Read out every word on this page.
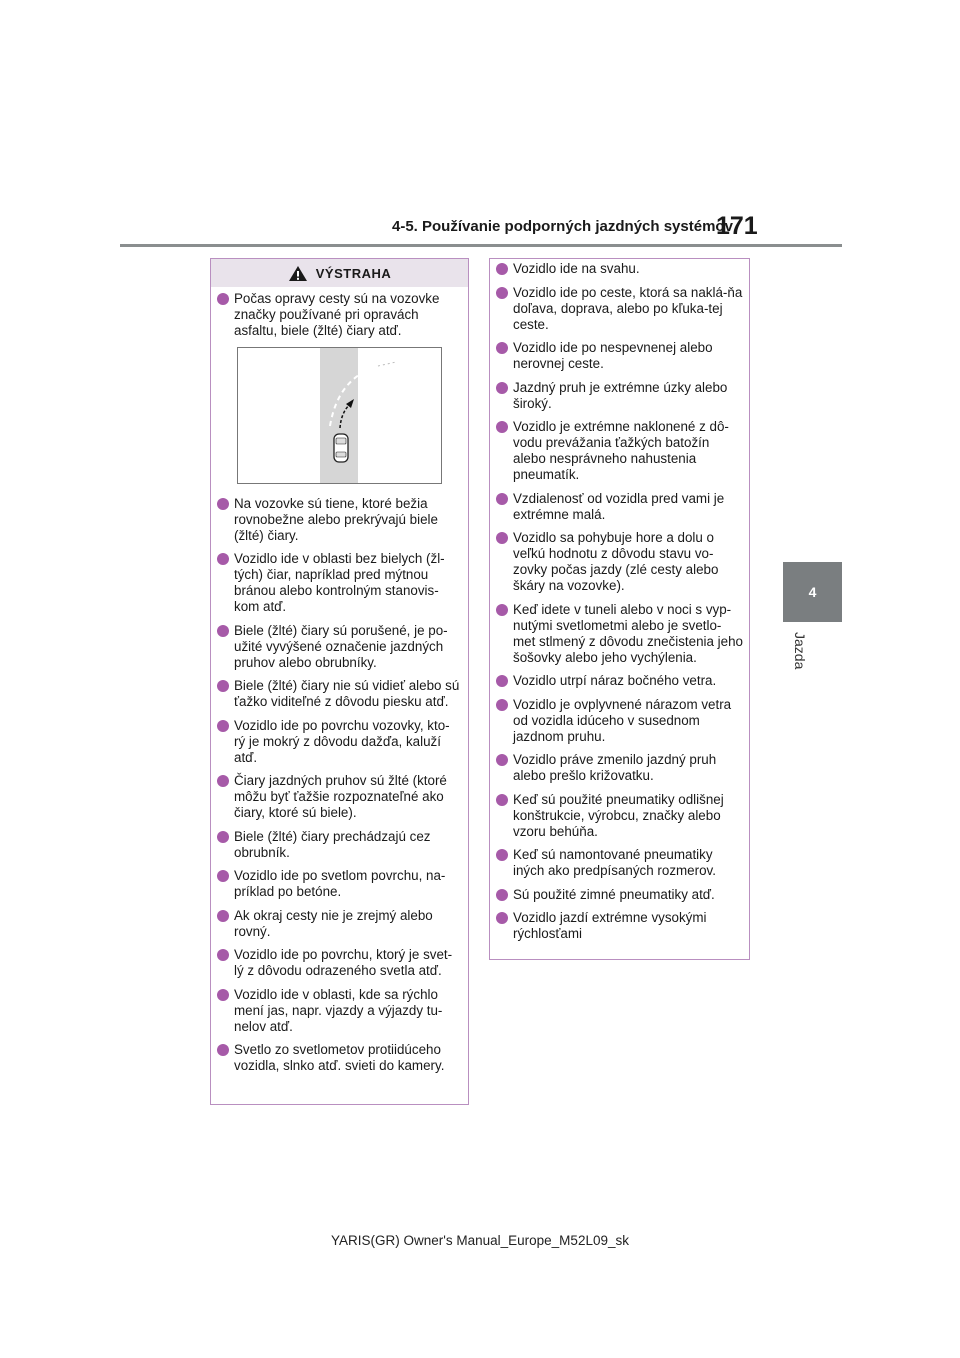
171
4-5. Používanie podporných jazdných systémov
4
Jazda
VÝSTRAHA
Počas opravy cesty sú na vozovke značky používané pri opravách asfaltu, biele (žlté) čiary atď.
Na vozovke sú tiene, ktoré bežia rovnobežne alebo prekrývajú biele (žlté) čiary.
Vozidlo ide v oblasti bez bielych (žl-tých) čiar, napríklad pred mýtnou bránou alebo kontrolným stanovis-kom atď.
Biele (žlté) čiary sú porušené, je po-užité vyvýšené označenie jazdných pruhov alebo obrubníky.
Biele (žlté) čiary nie sú vidieť alebo sú ťažko viditeľné z dôvodu piesku atď.
Vozidlo ide po povrchu vozovky, kto-rý je mokrý z dôvodu dažďa, kaluží atď.
Čiary jazdných pruhov sú žlté (ktoré môžu byť ťažšie rozpoznateľné ako čiary, ktoré sú biele).
Biele (žlté) čiary prechádzajú cez obrubník.
Vozidlo ide po svetlom povrchu, na-príklad po betóne.
Ak okraj cesty nie je zrejmý alebo rovný.
Vozidlo ide po povrchu, ktorý je svet-lý z dôvodu odrazeného svetla atď.
Vozidlo ide v oblasti, kde sa rýchlo mení jas, napr. vjazdy a výjazdy tu-nelov atď.
Svetlo zo svetlometov protiidúceho vozidla, slnko atď. svieti do kamery.
Vozidlo ide na svahu.
Vozidlo ide po ceste, ktorá sa naklá-ňa doľava, doprava, alebo po kľuka-tej ceste.
Vozidlo ide po nespevnenej alebo nerovnej ceste.
Jazdný pruh je extrémne úzky alebo široký.
Vozidlo je extrémne naklonené z dô-vodu prevážania ťažkých batožín alebo nesprávneho nahustenia pneumatík.
Vzdialenosť od vozidla pred vami je extrémne malá.
Vozidlo sa pohybuje hore a dolu o veľkú hodnotu z dôvodu stavu vo-zovky počas jazdy (zlé cesty alebo škáry na vozovke).
Keď idete v tuneli alebo v noci s vyp-nutými svetlometmi alebo je svetlo-met stlmený z dôvodu znečistenia jeho šošovky alebo jeho vychýlenia.
Vozidlo utrpí náraz bočného vetra.
Vozidlo je ovplyvnené nárazom vetra od vozidla idúceho v susednom jazdnom pruhu.
Vozidlo práve zmenilo jazdný pruh alebo prešlo križovatku.
Keď sú použité pneumatiky odlišnej konštrukcie, výrobcu, značky alebo vzoru behúňa.
Keď sú namontované pneumatiky iných ako predpísaných rozmerov.
Sú použité zimné pneumatiky atď.
Vozidlo jazdí extrémne vysokými rýchlosťami
YARIS(GR) Owner's Manual_Europe_M52L09_sk
